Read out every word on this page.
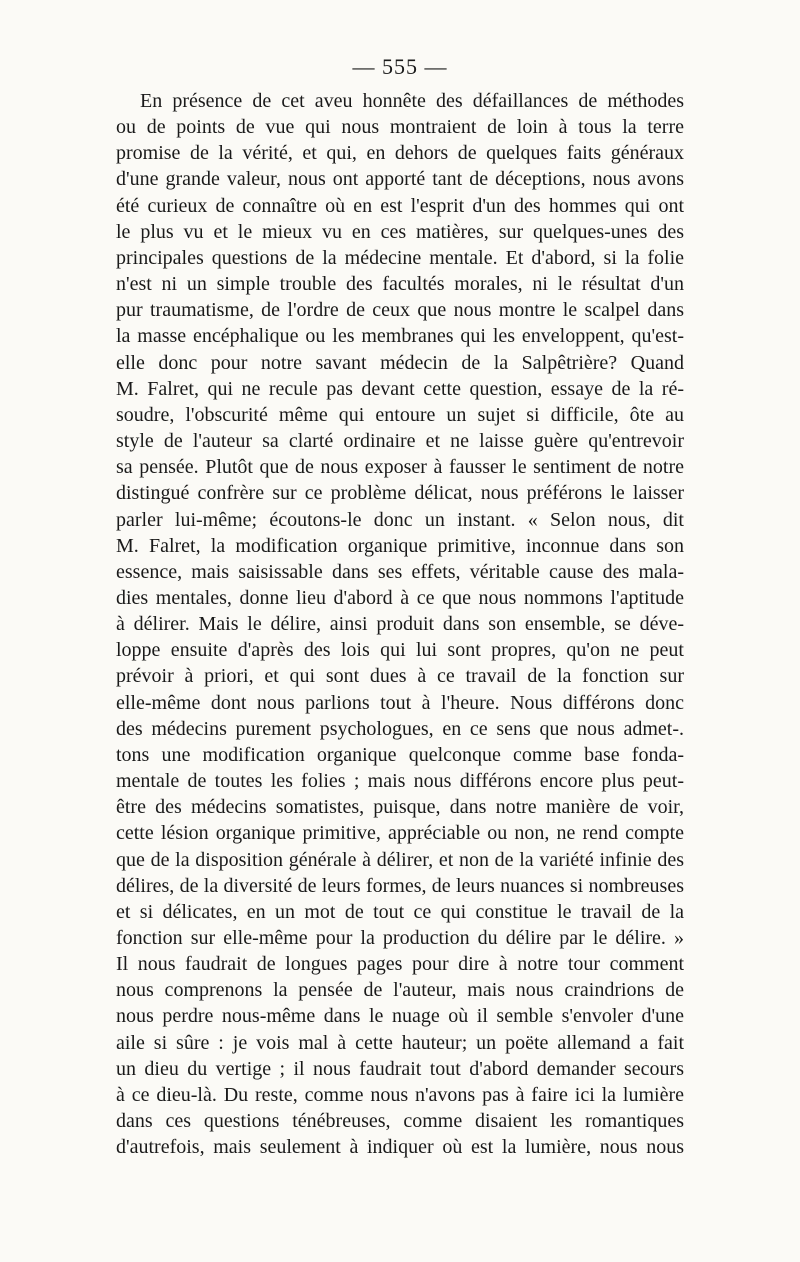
— 555 —
En présence de cet aveu honnête des défaillances de méthodes
ou de points de vue qui nous montraient de loin à tous la terre
promise de la vérité, et qui, en dehors de quelques faits généraux
d'une grande valeur, nous ont apporté tant de déceptions, nous avons
été curieux de connaître où en est l'esprit d'un des hommes qui ont
le plus vu et le mieux vu en ces matières, sur quelques-unes des
principales questions de la médecine mentale. Et d'abord, si la folie
n'est ni un simple trouble des facultés morales, ni le résultat d'un
pur traumatisme, de l'ordre de ceux que nous montre le scalpel dans
la masse encéphalique ou les membranes qui les enveloppent, qu'est-
elle donc pour notre savant médecin de la Salpêtrière? Quand
M. Falret, qui ne recule pas devant cette question, essaye de la ré-
soudre, l'obscurité même qui entoure un sujet si difficile, ôte au
style de l'auteur sa clarté ordinaire et ne laisse guère qu'entrevoir
sa pensée. Plutôt que de nous exposer à fausser le sentiment de notre
distingué confrère sur ce problème délicat, nous préférons le laisser
parler lui-même; écoutons-le donc un instant. « Selon nous, dit
M. Falret, la modification organique primitive, inconnue dans son
essence, mais saisissable dans ses effets, véritable cause des mala-
dies mentales, donne lieu d'abord à ce que nous nommons l'aptitude
à délirer. Mais le délire, ainsi produit dans son ensemble, se déve-
loppe ensuite d'après des lois qui lui sont propres, qu'on ne peut
prévoir à priori, et qui sont dues à ce travail de la fonction sur
elle-même dont nous parlions tout à l'heure. Nous différons donc
des médecins purement psychologues, en ce sens que nous admet-.
tons une modification organique quelconque comme base fonda-
mentale de toutes les folies ; mais nous différons encore plus peut-
être des médecins somatistes, puisque, dans notre manière de voir,
cette lésion organique primitive, appréciable ou non, ne rend compte
que de la disposition générale à délirer, et non de la variété infinie des
délires, de la diversité de leurs formes, de leurs nuances si nombreuses
et si délicates, en un mot de tout ce qui constitue le travail de la
fonction sur elle-même pour la production du délire par le délire. »
Il nous faudrait de longues pages pour dire à notre tour comment
nous comprenons la pensée de l'auteur, mais nous craindrions de
nous perdre nous-même dans le nuage où il semble s'envoler d'une
aile si sûre : je vois mal à cette hauteur; un poëte allemand a fait
un dieu du vertige ; il nous faudrait tout d'abord demander secours
à ce dieu-là. Du reste, comme nous n'avons pas à faire ici la lumière
dans ces questions ténébreuses, comme disaient les romantiques
d'autrefois, mais seulement à indiquer où est la lumière, nous nous
